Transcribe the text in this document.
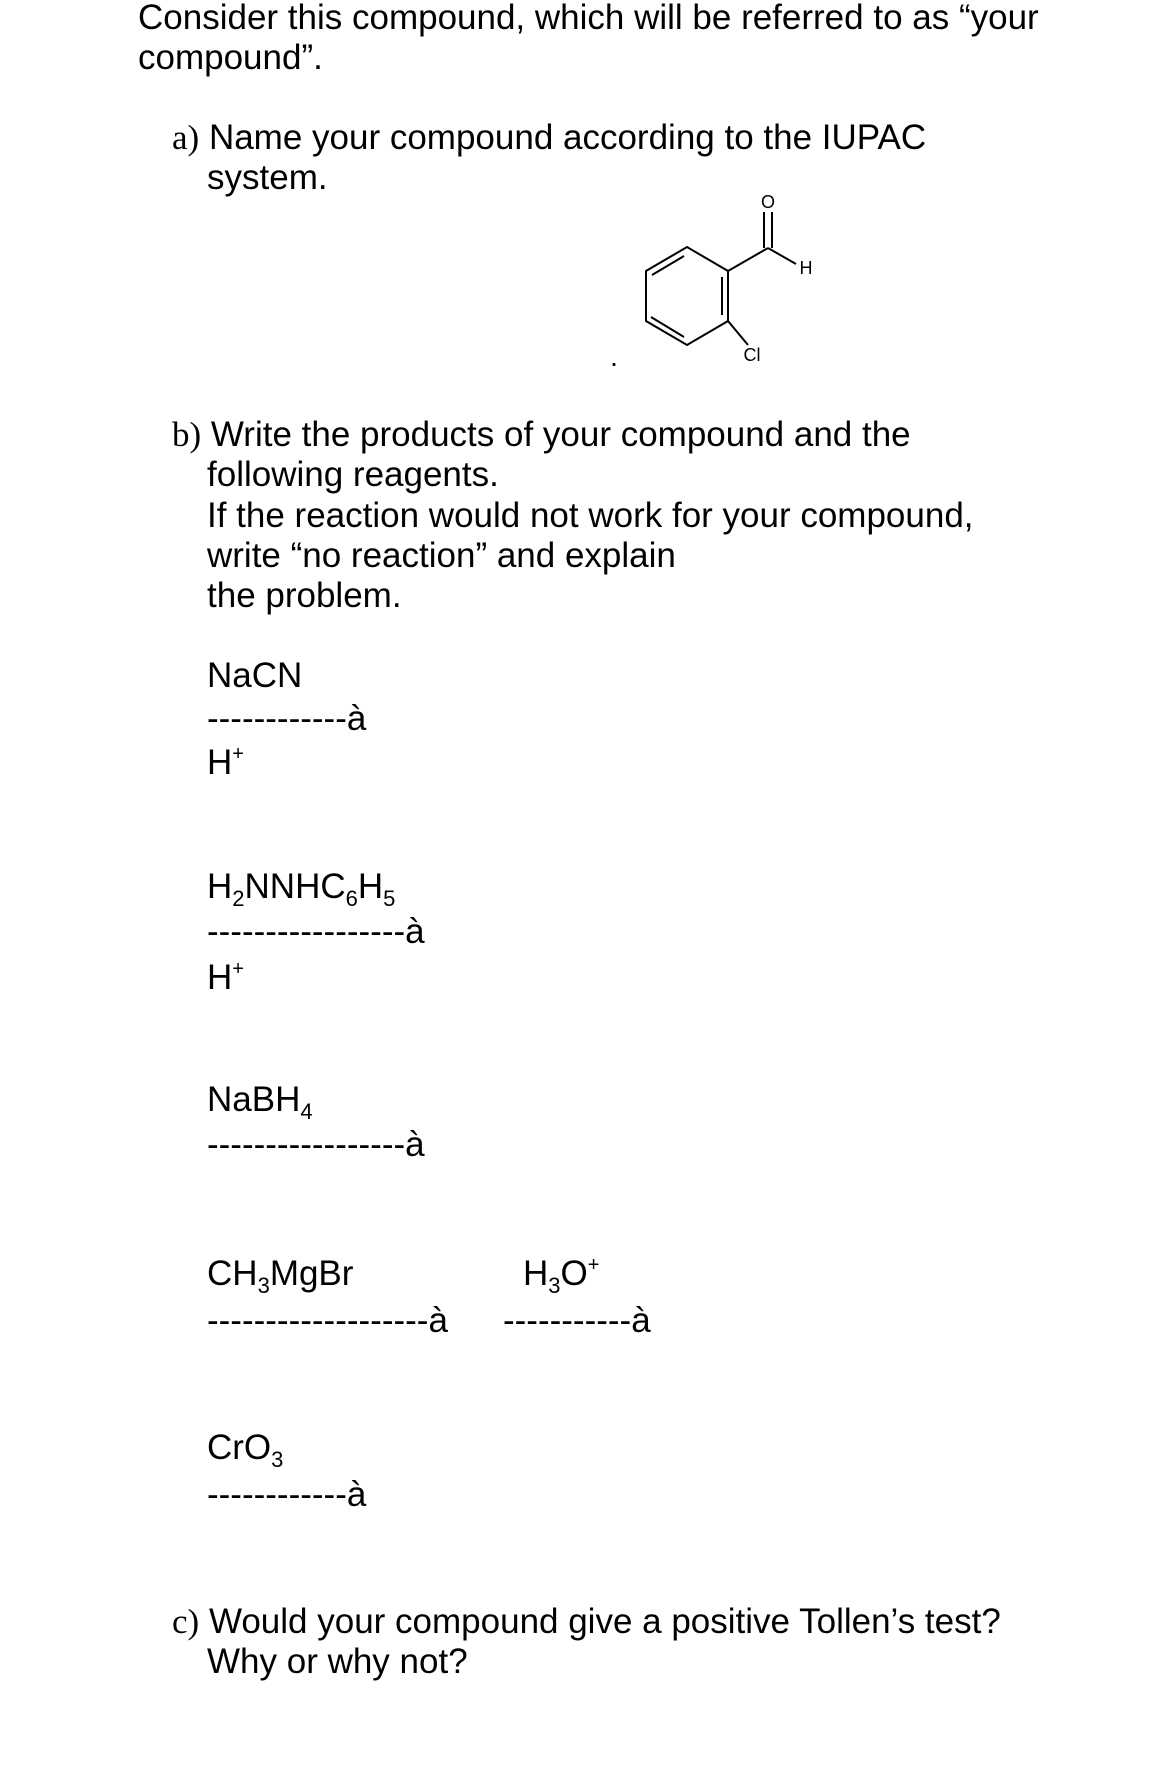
Consider this compound, which will be referred to as “your
compound”.
a) Name your compound according to the IUPAC
system.
O
H
Cl
.
b) Write the products of your compound and the
following reagents.
If the reaction would not work for your compound,
write “no reaction” and explain
the problem.
NaCN
------------à
H+
$H_2NNHC_6H_5$
-----------------à
H+
NaBH$_4$
-----------------à
$CH_3MgBr$
-------------------à
$H_3O^+$
-----------à
CrO$_3$
------------à
c) Would your compound give a positive Tollen’s test?
Why or why not?
